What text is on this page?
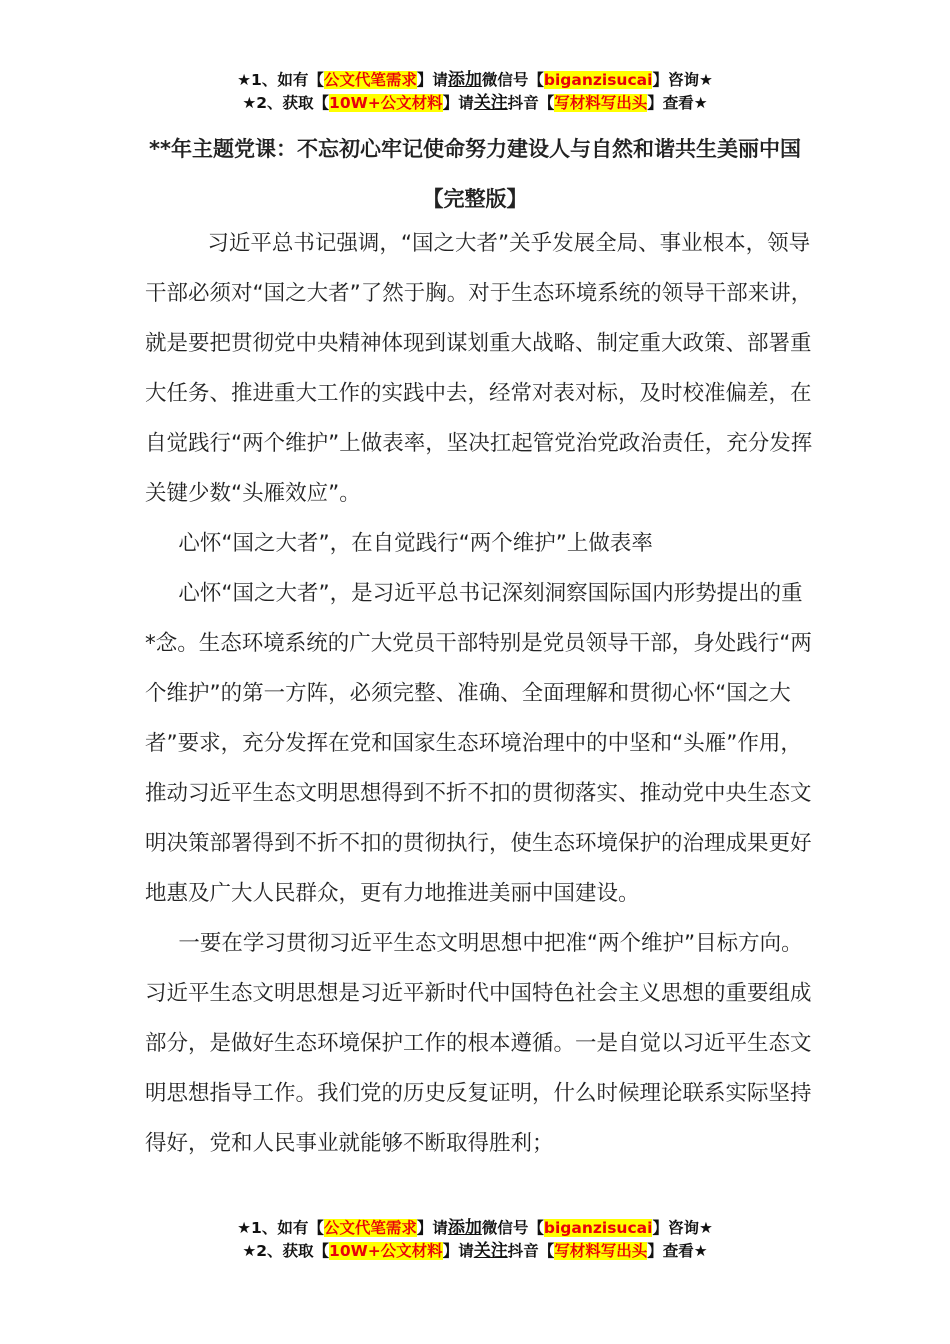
★1、如有【公文代笔需求】请添加微信号【biganzisucai】咨询★
★2、获取【10W+公文材料】请关注抖音【写材料写出头】查看★
**年主题党课：不忘初心牢记使命努力建设人与自然和谐共生美丽中国【完整版】

习近平总书记强调，“国之大者”关乎发展全局、事业根本，领导干部必须对“国之大者”了然于胸。对于生态环境系统的领导干部来讲，就是要把贯彻党中央精神体现到谋划重大战略、制定重大政策、部署重大任务、推进重大工作的实践中去，经常对表对标，及时校准偏差，在自觉践行“两个维护”上做表率，坚决扛起管党治党政治责任，充分发挥关键少数“头雁效应”。

心怀“国之大者”，在自觉践行“两个维护”上做表率

心怀“国之大者”，是习近平总书记深刻洞察国际国内形势提出的重*念。生态环境系统的广大党员干部特别是党员领导干部，身处践行“两个维护”的第一方阵，必须完整、准确、全面理解和贯彻心怀“国之大者”要求，充分发挥在党和国家生态环境治理中的中坚和“头雁”作用，推动习近平生态文明思想得到不折不扣的贯彻落实、推动党中央生态文明决策部署得到不折不扣的贯彻执行，使生态环境保护的治理成果更好地惠及广大人民群众，更有力地推进美丽中国建设。

一要在学习贯彻习近平生态文明思想中把准“两个维护”目标方向。习近平生态文明思想是习近平新时代中国特色社会主义思想的重要组成部分，是做好生态环境保护工作的根本遵循。一是自觉以习近平生态文明思想指导工作。我们党的历史反复证明，什么时候理论联系实际坚持得好，党和人民事业就能够不断取得胜利；

★1、如有【公文代笔需求】请添加微信号【biganzisucai】咨询★
★2、获取【10W+公文材料】请关注抖音【写材料写出头】查看★
